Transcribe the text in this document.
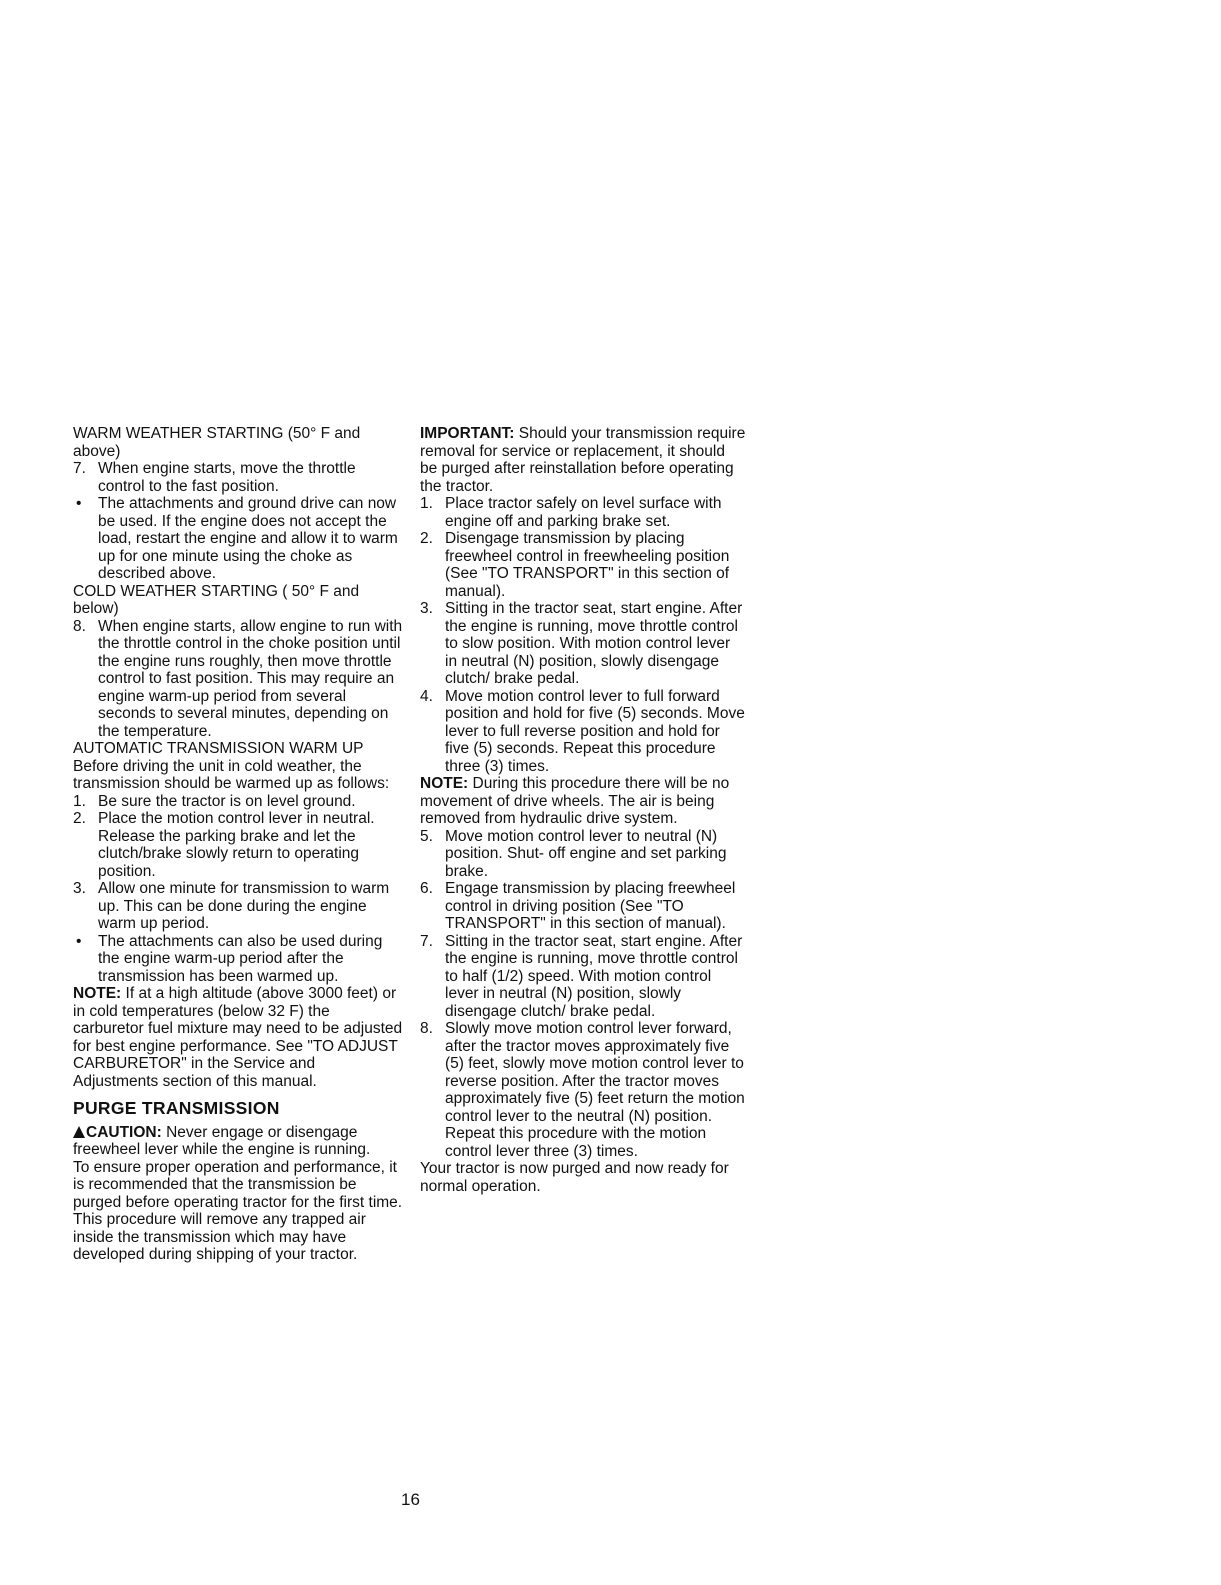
WARM WEATHER STARTING (50° F and above)
7. When engine starts, move the throttle control to the fast position.
• The attachments and ground drive can now be used. If the engine does not accept the load, restart the engine and allow it to warm up for one minute using the choke as described above.
COLD WEATHER STARTING ( 50° F and below)
8. When engine starts, allow engine to run with the throttle control in the choke position until the engine runs roughly, then move throttle control to fast position. This may require an engine warm-up period from several seconds to several minutes, depending on the temperature.
AUTOMATIC TRANSMISSION WARM UP
Before driving the unit in cold weather, the transmission should be warmed up as follows:
1. Be sure the tractor is on level ground.
2. Place the motion control lever in neutral. Release the parking brake and let the clutch/brake slowly return to operating position.
3. Allow one minute for transmission to warm up. This can be done during the engine warm up period.
• The attachments can also be used during the engine warm-up period after the transmission has been warmed up.
NOTE: If at a high altitude (above 3000 feet) or in cold temperatures (below 32 F) the carburetor fuel mixture may need to be adjusted for best engine performance. See "TO ADJUST CARBURETOR" in the Service and Adjustments section of this manual.
PURGE TRANSMISSION
CAUTION: Never engage or disengage freewheel lever while the engine is running.
To ensure proper operation and performance, it is recommended that the transmission be purged before operating tractor for the first time. This procedure will remove any trapped air inside the transmission which may have developed during shipping of your tractor.
IMPORTANT: Should your transmission require removal for service or replacement, it should be purged after reinstallation before operating the tractor.
1. Place tractor safely on level surface with engine off and parking brake set.
2. Disengage transmission by placing freewheel control in freewheeling position (See "TO TRANSPORT" in this section of manual).
3. Sitting in the tractor seat, start engine. After the engine is running, move throttle control to slow position. With motion control lever in neutral (N) position, slowly disengage clutch/ brake pedal.
4. Move motion control lever to full forward position and hold for five (5) seconds. Move lever to full reverse position and hold for five (5) seconds. Repeat this procedure three (3) times.
NOTE: During this procedure there will be no movement of drive wheels. The air is being removed from hydraulic drive system.
5. Move motion control lever to neutral (N) position. Shut- off engine and set parking brake.
6. Engage transmission by placing freewheel control in driving position (See "TO TRANSPORT" in this section of manual).
7. Sitting in the tractor seat, start engine. After the engine is running, move throttle control to half (1/2) speed. With motion control lever in neutral (N) position, slowly disengage clutch/ brake pedal.
8. Slowly move motion control lever forward, after the tractor moves approximately five (5) feet, slowly move motion control lever to reverse position. After the tractor moves approximately five (5) feet return the motion control lever to the neutral (N) position. Repeat this procedure with the motion control lever three (3) times.
Your tractor is now purged and now ready for normal operation.
16
